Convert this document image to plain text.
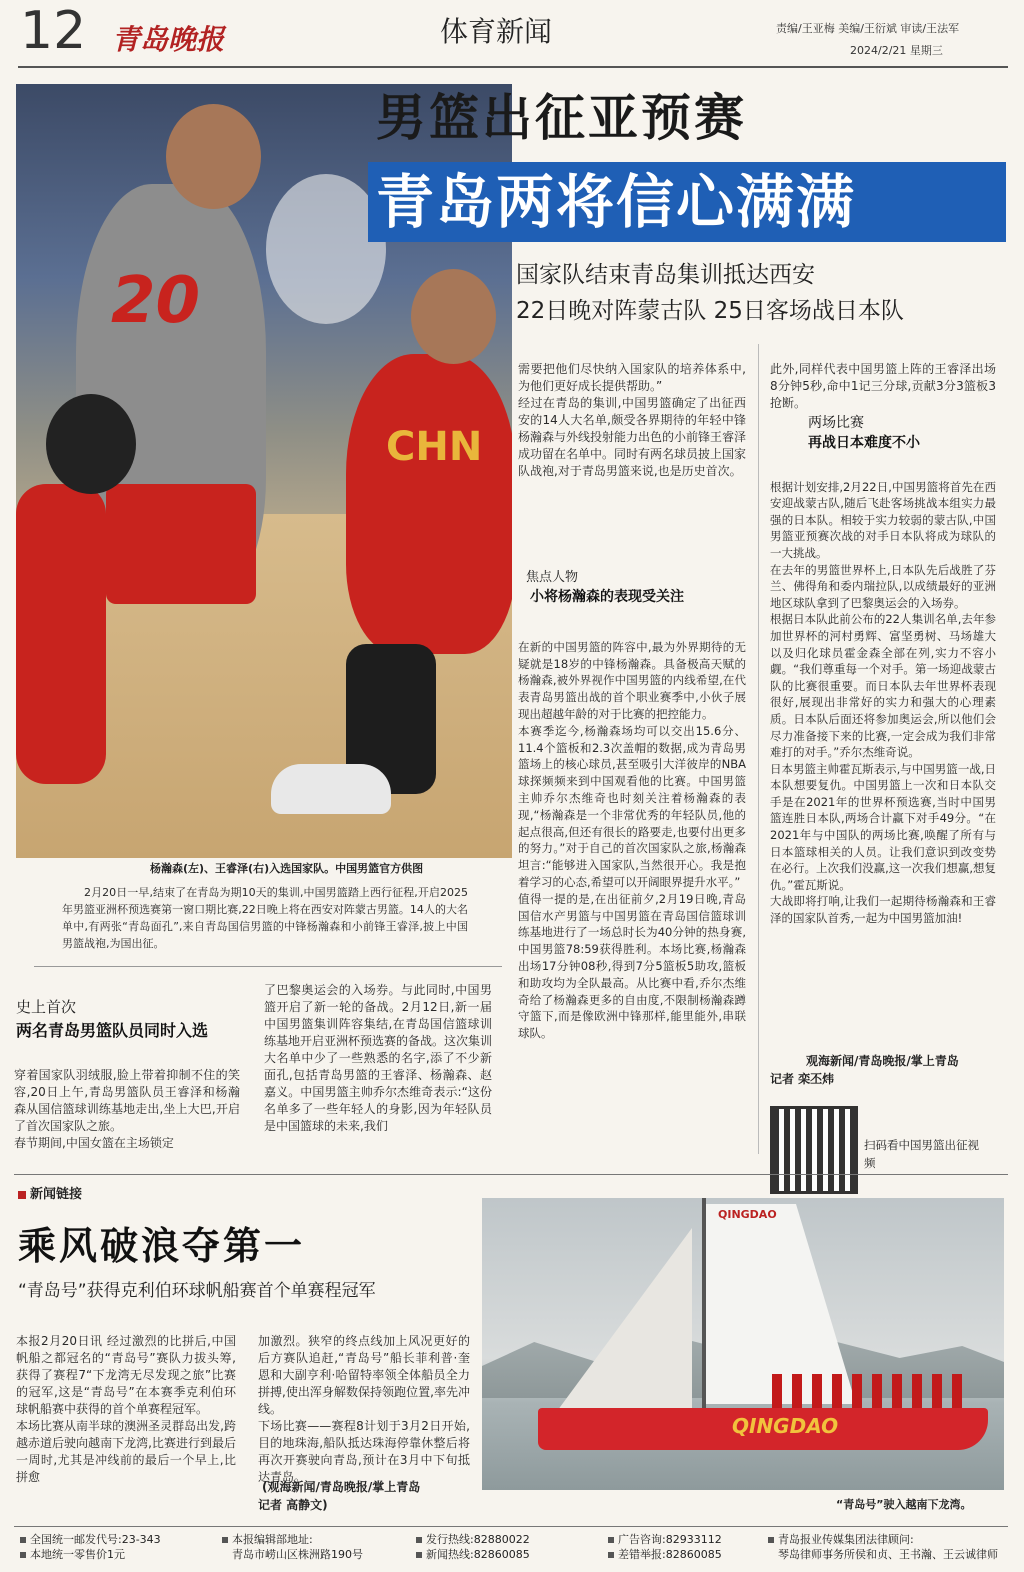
12 青岛晚报	体育新闻	责编/王亚梅 美编/王衍斌 审读/王法军
2024/2/21 星期三
20
CHN
男篮出征亚预赛
青岛两将信心满满
国家队结束青岛集训抵达西安
22日晚对阵蒙古队 25日客场战日本队
杨瀚森(左)、王睿泽(右)入选国家队。中国男篮官方供图
2月20日一早,结束了在青岛为期10天的集训,中国男篮踏上西行征程,开启2025年男篮亚洲杯预选赛第一窗口期比赛,22日晚上将在西安对阵蒙古男篮。14人的大名单中,有两张“青岛面孔”,来自青岛国信男篮的中锋杨瀚森和小前锋王睿泽,披上中国男篮战袍,为国出征。

需要把他们尽快纳入国家队的培养体系中,为他们更好成长提供帮助。”
经过在青岛的集训,中国男篮确定了出征西安的14人大名单,颇受各界期待的年轻中锋杨瀚森与外线投射能力出色的小前锋王睿泽成功留在名单中。同时有两名球员披上国家队战袍,对于青岛男篮来说,也是历史首次。

焦点人物
小将杨瀚森的表现受关注

在新的中国男篮的阵容中,最为外界期待的无疑就是18岁的中锋杨瀚森。具备极高天赋的杨瀚森,被外界视作中国男篮的内线希望,在代表青岛男篮出战的首个职业赛季中,小伙子展现出超越年龄的对于比赛的把控能力。
本赛季迄今,杨瀚森场均可以交出15.6分、11.4个篮板和2.3次盖帽的数据,成为青岛男篮场上的核心球员,甚至吸引大洋彼岸的NBA球探频频来到中国观看他的比赛。中国男篮主帅乔尔杰维奇也时刻关注着杨瀚森的表现,“杨瀚森是一个非常优秀的年轻队员,他的起点很高,但还有很长的路要走,也要付出更多的努力。”对于自己的首次国家队之旅,杨瀚森坦言:“能够进入国家队,当然很开心。我是抱着学习的心态,希望可以开阔眼界提升水平。”
值得一提的是,在出征前夕,2月19日晚,青岛国信水产男篮与中国男篮在青岛国信篮球训练基地进行了一场总时长为40分钟的热身赛,中国男篮78:59获得胜利。本场比赛,杨瀚森出场17分钟08秒,得到7分5篮板5助攻,篮板和助攻均为全队最高。从比赛中看,乔尔杰维奇给了杨瀚森更多的自由度,不限制杨瀚森蹲守篮下,而是像欧洲中锋那样,能里能外,串联球队。

此外,同样代表中国男篮上阵的王睿泽出场8分钟5秒,命中1记三分球,贡献3分3篮板3抢断。

两场比赛
再战日本难度不小

根据计划安排,2月22日,中国男篮将首先在西安迎战蒙古队,随后飞赴客场挑战本组实力最强的日本队。相较于实力较弱的蒙古队,中国男篮亚预赛次战的对手日本队将成为球队的一大挑战。
在去年的男篮世界杯上,日本队先后战胜了芬兰、佛得角和委内瑞拉队,以成绩最好的亚洲地区球队拿到了巴黎奥运会的入场券。
根据日本队此前公布的22人集训名单,去年参加世界杯的河村勇辉、富坚勇树、马场雄大以及归化球员霍金森全部在列,实力不容小觑。“我们尊重每一个对手。第一场迎战蒙古队的比赛很重要。而日本队去年世界杯表现很好,展现出非常好的实力和强大的心理素质。日本队后面还将参加奥运会,所以他们会尽力准备接下来的比赛,一定会成为我们非常难打的对手。”乔尔杰维奇说。
日本男篮主帅霍瓦斯表示,与中国男篮一战,日本队想要复仇。中国男篮上一次和日本队交手是在2021年的世界杯预选赛,当时中国男篮连胜日本队,两场合计赢下对手49分。“在2021年与中国队的两场比赛,唤醒了所有与日本篮球相关的人员。让我们意识到改变势在必行。上次我们没赢,这一次我们想赢,想复仇。”霍瓦斯说。
大战即将打响,让我们一起期待杨瀚森和王睿泽的国家队首秀,一起为中国男篮加油!

观海新闻/青岛晚报/掌上青岛
记者 栾丕炜
扫码看中国男篮出征视频
史上首次
两名青岛男篮队员同时入选

穿着国家队羽绒服,脸上带着抑制不住的笑容,20日上午,青岛男篮队员王睿泽和杨瀚森从国信篮球训练基地走出,坐上大巴,开启了首次国家队之旅。
春节期间,中国女篮在主场锁定

了巴黎奥运会的入场券。与此同时,中国男篮开启了新一轮的备战。2月12日,新一届中国男篮集训阵容集结,在青岛国信篮球训练基地开启亚洲杯预选赛的备战。这次集训大名单中少了一些熟悉的名字,添了不少新面孔,包括青岛男篮的王睿泽、杨瀚森、赵嘉义。中国男篮主帅乔尔杰维奇表示:“这份名单多了一些年轻人的身影,因为年轻队员是中国篮球的未来,我们
新闻链接
乘风破浪夺第一
“青岛号”获得克利伯环球帆船赛首个单赛程冠军

本报2月20日讯 经过激烈的比拼后,中国帆船之都冠名的“青岛号”赛队力拔头筹,获得了赛程7“下龙湾无尽发现之旅”比赛的冠军,这是“青岛号”在本赛季克利伯环球帆船赛中获得的首个单赛程冠军。
本场比赛从南半球的澳洲圣灵群岛出发,跨越赤道后驶向越南下龙湾,比赛进行到最后一周时,尤其是冲线前的最后一个早上,比拼愈

加激烈。狭窄的终点线加上风况更好的后方赛队追赶,“青岛号”船长菲利普·奎恩和大副亨利·哈留特率领全体船员全力拼搏,使出浑身解数保持领跑位置,率先冲线。
下场比赛——赛程8计划于3月2日开始,目的地珠海,船队抵达珠海停靠休整后将再次开赛驶向青岛,预计在3月中下旬抵达青岛。

(观海新闻/青岛晚报/掌上青岛
记者 高静文)
QINGDAO
QINGDAO
“青岛号”驶入越南下龙湾。
全国统一邮发代号:23-343
本地统一零售价1元
本报编辑部地址:
青岛市崂山区株洲路190号
发行热线:82880022
新闻热线:82860085
广告咨询:82933112
差错举报:82860085
青岛报业传媒集团法律顾问:
琴岛律师事务所侯和贞、王书瀚、王云诚律师
